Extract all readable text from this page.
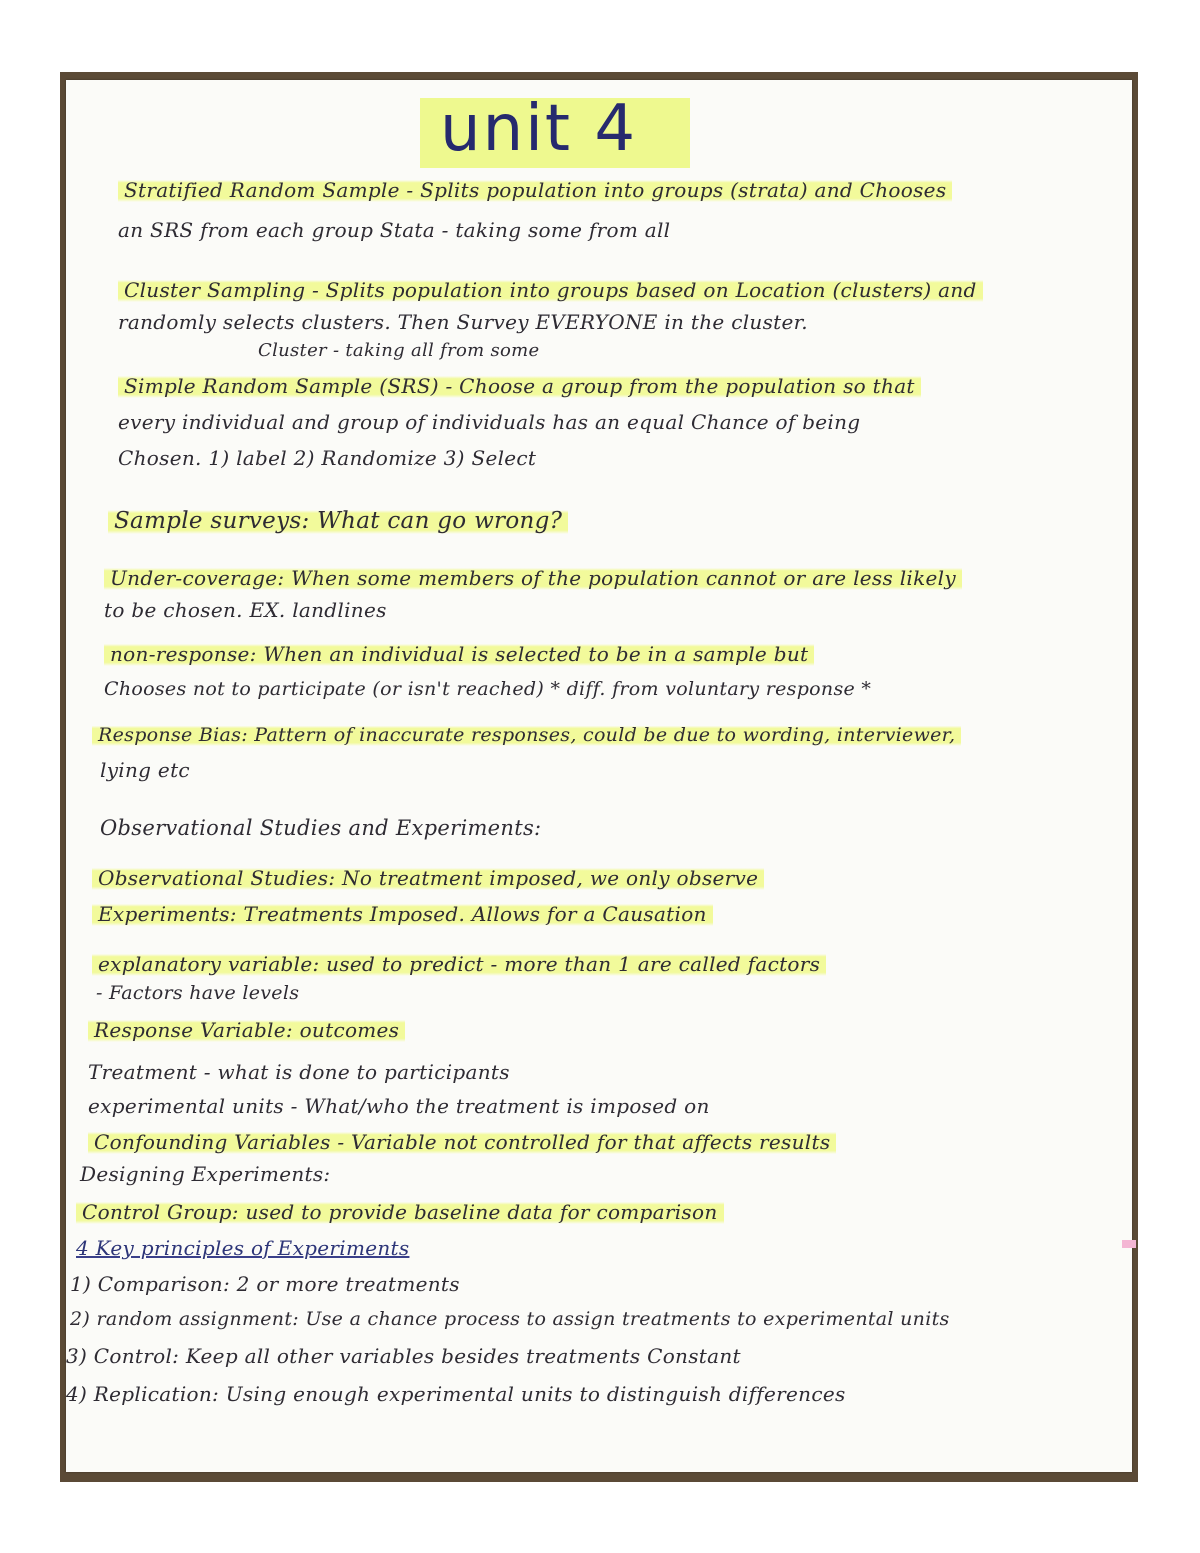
unit 4
Stratified Random Sample - Splits population into groups (strata) and Chooses
an SRS from each group Stata - taking some from all
Cluster Sampling - Splits population into groups based on Location (clusters) and
randomly selects clusters. Then Survey EVERYONE in the cluster.
Cluster - taking all from some
Simple Random Sample (SRS) - Choose a group from the population so that
every individual and group of individuals has an equal Chance of being
Chosen. 1) label 2) Randomize 3) Select
Sample surveys: What can go wrong?
Under-coverage: When some members of the population cannot or are less likely
to be chosen. EX. landlines
non-response: When an individual is selected to be in a sample but
Chooses not to participate (or isn't reached) * diff. from voluntary response *
Response Bias: Pattern of inaccurate responses, could be due to wording, interviewer,
lying etc
Observational Studies and Experiments:
Observational Studies: No treatment imposed, we only observe
Experiments: Treatments Imposed. Allows for a Causation
explanatory variable: used to predict - more than 1 are called factors
- Factors have levels
Response Variable: outcomes
Treatment - what is done to participants
experimental units - What/who the treatment is imposed on
Confounding Variables - Variable not controlled for that affects results
Designing Experiments:
Control Group: used to provide baseline data for comparison
4 Key principles of Experiments
1) Comparison: 2 or more treatments
2) random assignment: Use a chance process to assign treatments to experimental units
3) Control: Keep all other variables besides treatments Constant
4) Replication: Using enough experimental units to distinguish differences
